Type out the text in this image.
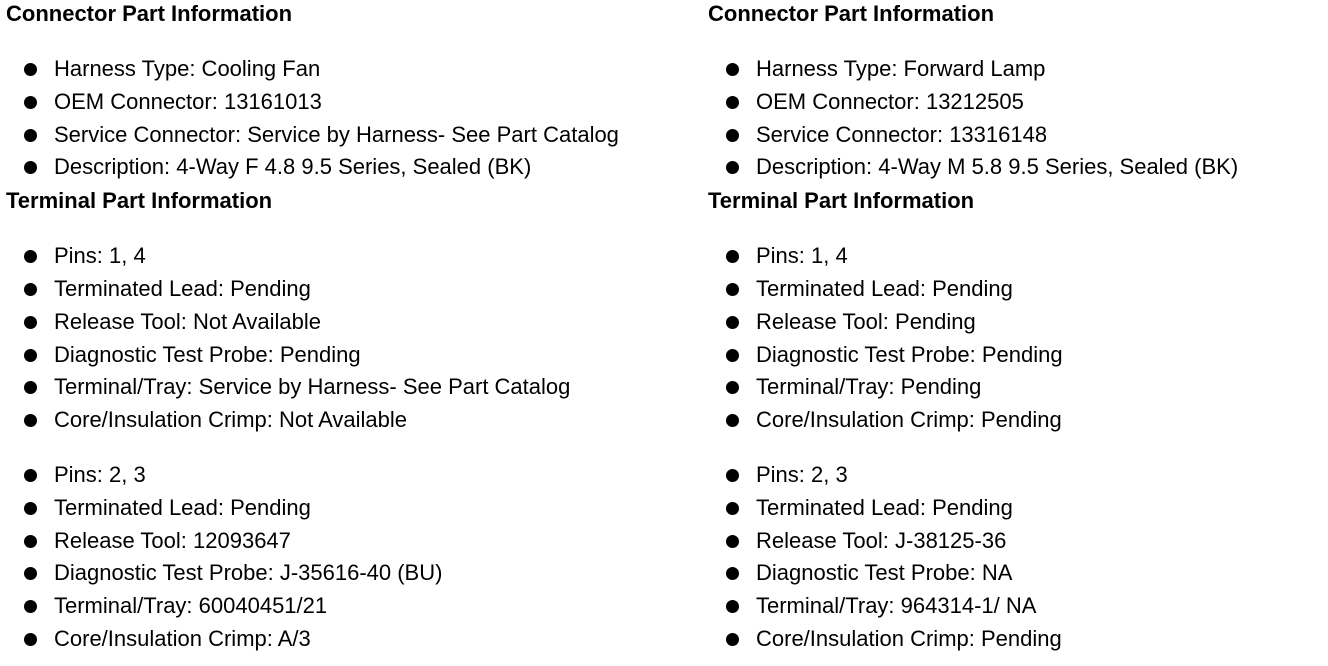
Connector Part Information
Harness Type: Cooling Fan
OEM Connector: 13161013
Service Connector: Service by Harness- See Part Catalog
Description: 4-Way F 4.8 9.5 Series, Sealed (BK)
Terminal Part Information
Pins: 1, 4
Terminated Lead: Pending
Release Tool: Not Available
Diagnostic Test Probe: Pending
Terminal/Tray: Service by Harness- See Part Catalog
Core/Insulation Crimp: Not Available
Pins: 2, 3
Terminated Lead: Pending
Release Tool: 12093647
Diagnostic Test Probe: J-35616-40 (BU)
Terminal/Tray: 60040451/21
Core/Insulation Crimp: A/3
Connector Part Information
Harness Type: Forward Lamp
OEM Connector: 13212505
Service Connector: 13316148
Description: 4-Way M 5.8 9.5 Series, Sealed (BK)
Terminal Part Information
Pins: 1, 4
Terminated Lead: Pending
Release Tool: Pending
Diagnostic Test Probe: Pending
Terminal/Tray: Pending
Core/Insulation Crimp: Pending
Pins: 2, 3
Terminated Lead: Pending
Release Tool: J-38125-36
Diagnostic Test Probe: NA
Terminal/Tray: 964314-1/ NA
Core/Insulation Crimp: Pending
